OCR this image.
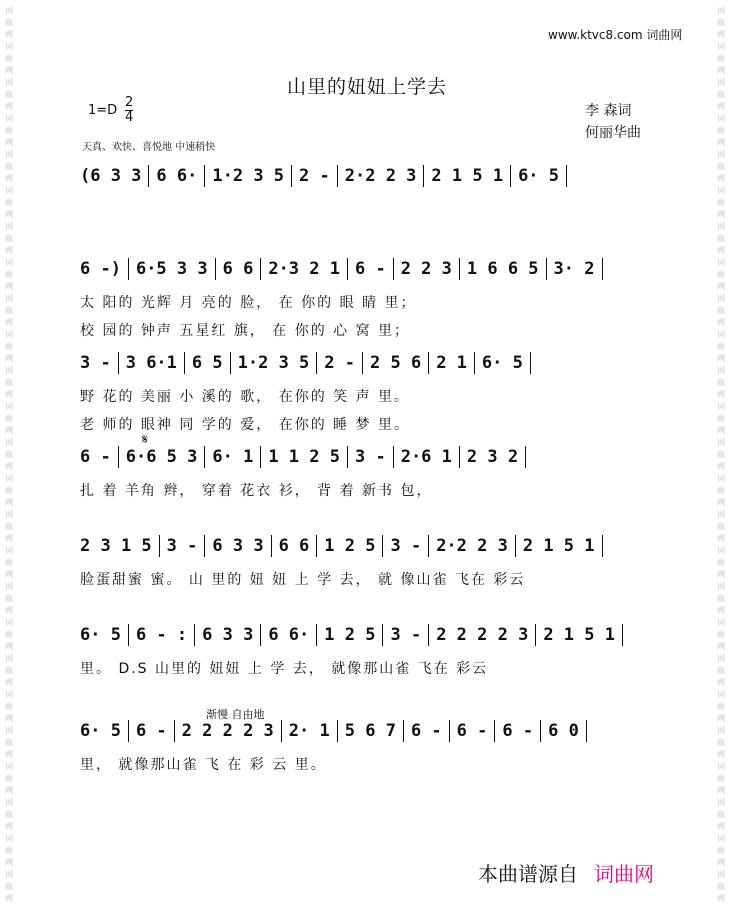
词
曲
网
词
曲
网
词
曲
网
词
曲
网
词
曲
网
词
曲
网
词
曲
网
词
曲
网
词
曲
网
词
曲
网
词
曲
网
词
曲
网
词
曲
网
词
曲
网
词
曲
网
词
曲
网
词
曲
网
词
曲
网
词
曲
网
词
曲
网
词
曲
网
词
曲
网
词
曲
网
词
曲
网
词
曲
网
词
曲
网
词
曲
网
词
曲
网
词
曲
网
词
曲
网
词
曲
网
词
曲
网
词
曲
网
词
曲
网
词
曲
网
词
曲
网
词
曲
网
词
曲
网
词
曲
网
词
曲
网
词
曲
网
词
曲
网
词
曲
网
词
曲
网
词
曲
网
词
曲
网
词
曲
网
词
曲
网
词
曲
网
词
曲
网
www.ktvc8.com 词曲网
山里的妞妞上学去
1=D
2
4	李 森词
何丽华曲
天真、欢快、喜悦地 中速稍快
(6 3 3 6 6· 1·2 3 5 2 - 2·2 2 3 2 1 5 1 6· 5
6 -) 6·5 3 3 6 6 2·3 2 1 6 - 2 2 3 1 6 6 5 3· 2
太 阳的 光辉 月 亮的 脸， 在 你的 眼 睛 里；
校 园的 钟声 五星红 旗， 在 你的 心 窝 里；
3 - 3 6·1 6 5 1·2 3 5 2 - 2 5 6 2 1 6· 5
野 花的 美丽 小 溪的 歌， 在你的 笑 声 里。
老 师的 眼神 同 学的 爱， 在你的 睡 梦 里。
6 - 6·6 5 3 6· 1 1 1 2 5 3 - 2·6 1 2 3 2
扎 着 羊角 辫， 穿着 花衣 衫， 背 着 新书 包，
2 3 1 5 3 - 6 3 3 6 6 1 2 5 3 - 2·2 2 3 2 1 5 1
脸蛋甜蜜 蜜。 山 里的 妞 妞 上 学 去， 就 像山雀 飞在 彩云
6· 5 6 - : 6 3 3 6 6· 1 2 5 3 - 2 2 2 2 3 2 1 5 1
里。 D.S 山里的 妞妞 上 学 去， 就像那山雀 飞在 彩云
6· 5 6 - 2 2 2 2 3 2· 1 5 6 7 6 - 6 - 6 - 6 0
里， 就像那山雀 飞 在 彩 云 里。
𝄋
渐慢 自由地
本曲谱源自 词曲网
